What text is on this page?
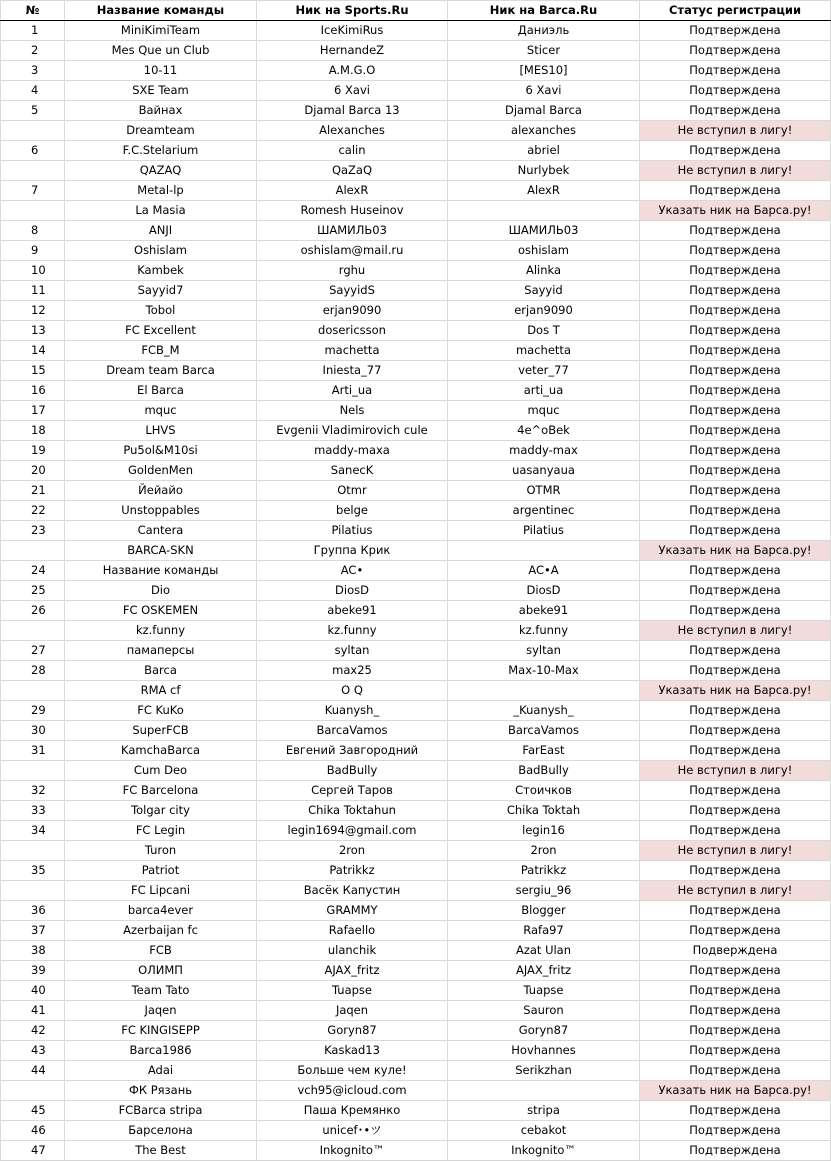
№	Название команды	Ник на Sports.Ru	Ник на Barca.Ru	Статус регистрации
1	MiniKimiTeam	IceKimiRus	Даниэль	Подтверждена
2	Mes Que un Club	HernandeZ	Sticer	Подтверждена
3	10-11	A.M.G.O	[MES10]	Подтверждена
4	SXE Team	6 Xavi	6 Xavi	Подтверждена
5	Вайнах	Djamal Barca 13	Djamal Barca	Подтверждена
	Dreamteam	Alexanches	alexanches	Не вступил в лигу!
6	F.C.Stelarium	calin	abriel	Подтверждена
	QAZAQ	QaZaQ	Nurlybek	Не вступил в лигу!
7	Metal-lp	AlexR	AlexR	Подтверждена
	La Masia	Romesh Huseinov		Указать ник на Барса.ру!
8	ANJI	ШАМИЛЬ03	ШАМИЛЬ03	Подтверждена
9	Oshislam	oshislam@mail.ru	oshislam	Подтверждена
10	Kambek	rghu	Alinka	Подтверждена
11	Sayyid7	SayyidS	Sayyid	Подтверждена
12	Tobol	erjan9090	erjan9090	Подтверждена
13	FC Excellent	dosericsson	Dos T	Подтверждена
14	FCB_M	machetta	machetta	Подтверждена
15	Dream team Barca	Iniesta_77	veter_77	Подтверждена
16	El Barca	Arti_ua	arti_ua	Подтверждена
17	mquc	Nels	mquc	Подтверждена
18	LHVS	Evgenii Vladimirovich cule	4e^oBek	Подтверждена
19	Pu5ol&M10si	maddy-maxa	maddy-max	Подтверждена
20	GoldenMen	SanecK	uasanyaua	Подтверждена
21	Йейайо	Otmr	OTMR	Подтверждена
22	Unstoppables	belge	argentinec	Подтверждена
23	Cantera	Pilatius	Pilatius	Подтверждена
	BARCA-SKN	Группа Крик		Указать ник на Барса.ру!
24	Название команды	AC•	AC•A	Подтверждена
25	Dio	DiosD	DiosD	Подтверждена
26	FC OSKEMEN	abeke91	abeke91	Подтверждена
	kz.funny	kz.funny	kz.funny	Не вступил в лигу!
27	памаперсы	syltan	syltan	Подтверждена
28	Barca	max25	Max-10-Max	Подтверждена
	RMA cf	O Q		Указать ник на Барса.ру!
29	FC KuKo	Kuanysh_	_Kuanysh_	Подтверждена
30	SuperFCB	BarcaVamos	BarcaVamos	Подтверждена
31	KamchaBarca	Евгений Завгородний	FarEast	Подтверждена
	Cum Deo	BadBully	BadBully	Не вступил в лигу!
32	FC Barcelona	Сергей Таров	Стоичков	Подтверждена
33	Tolgar city	Chika Toktahun	Chika Toktah	Подтверждена
34	FC Legin	legin1694@gmail.com	legin16	Подтверждена
	Turon	2ron	2ron	Не вступил в лигу!
35	Patriot	Patrikkz	Patrikkz	Подтверждена
	FC Lipcani	Васёк Капустин	sergiu_96	Не вступил в лигу!
36	barca4ever	GRAMMY	Blogger	Подтверждена
37	Azerbaijan fc	Rafaello	Rafa97	Подтверждена
38	FCB	ulanchik	Azat Ulan	Подверждена
39	ОЛИМП	AJAX_fritz	AJAX_fritz	Подтверждена
40	Team Tato	Tuapse	Tuapse	Подтверждена
41	Jaqen	Jaqen	Sauron	Подтверждена
42	FC KINGISEPP	Goryn87	Goryn87	Подтверждена
43	Barca1986	Kaskad13	Hovhannes	Подтверждена
44	Adai	Больше чем куле!	Serikzhan	Подтверждена
	ФК Рязань	vch95@icloud.com		Указать ник на Барса.ру!
45	FCBarca stripa	Паша Кремянко	stripa	Подтверждена
46	Барселона	unicef･•ツ	cebakot	Подтверждена
47	The Best	Inkognito™	Inkognito™	Подтверждена
